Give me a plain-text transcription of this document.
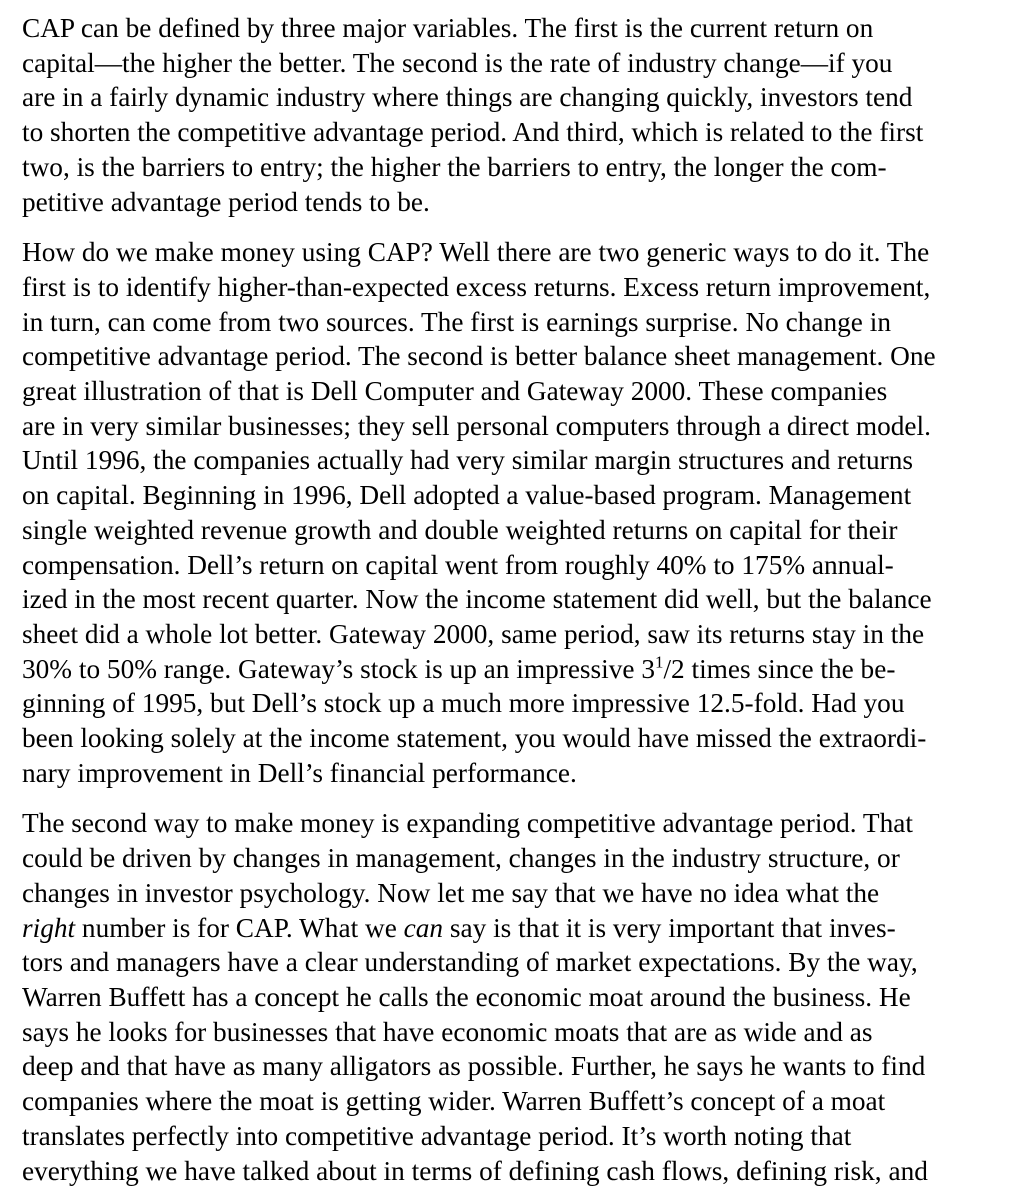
CAP can be defined by three major variables. The first is the current return on
capital—the higher the better. The second is the rate of industry change—if you
are in a fairly dynamic industry where things are changing quickly, investors tend
to shorten the competitive advantage period. And third, which is related to the first
two, is the barriers to entry; the higher the barriers to entry, the longer the com-
petitive advantage period tends to be.
How do we make money using CAP? Well there are two generic ways to do it. The
first is to identify higher-than-expected excess returns. Excess return improvement,
in turn, can come from two sources. The first is earnings surprise. No change in
competitive advantage period. The second is better balance sheet management. One
great illustration of that is Dell Computer and Gateway 2000. These companies
are in very similar businesses; they sell personal computers through a direct model.
Until 1996, the companies actually had very similar margin structures and returns
on capital. Beginning in 1996, Dell adopted a value-based program. Management
single weighted revenue growth and double weighted returns on capital for their
compensation. Dell’s return on capital went from roughly 40% to 175% annual-
ized in the most recent quarter. Now the income statement did well, but the balance
sheet did a whole lot better. Gateway 2000, same period, saw its returns stay in the
30% to 50% range. Gateway’s stock is up an impressive $3^1/2$ times since the be-
ginning of 1995, but Dell’s stock up a much more impressive 12.5-fold. Had you
been looking solely at the income statement, you would have missed the extraordi-
nary improvement in Dell’s financial performance.
The second way to make money is expanding competitive advantage period. That
could be driven by changes in management, changes in the industry structure, or
changes in investor psychology. Now let me say that we have no idea what the
right number is for CAP. What we can say is that it is very important that inves-
tors and managers have a clear understanding of market expectations. By the way,
Warren Buffett has a concept he calls the economic moat around the business. He
says he looks for businesses that have economic moats that are as wide and as
deep and that have as many alligators as possible. Further, he says he wants to find
companies where the moat is getting wider. Warren Buffett’s concept of a moat
translates perfectly into competitive advantage period. It’s worth noting that
everything we have talked about in terms of defining cash flows, defining risk, and
